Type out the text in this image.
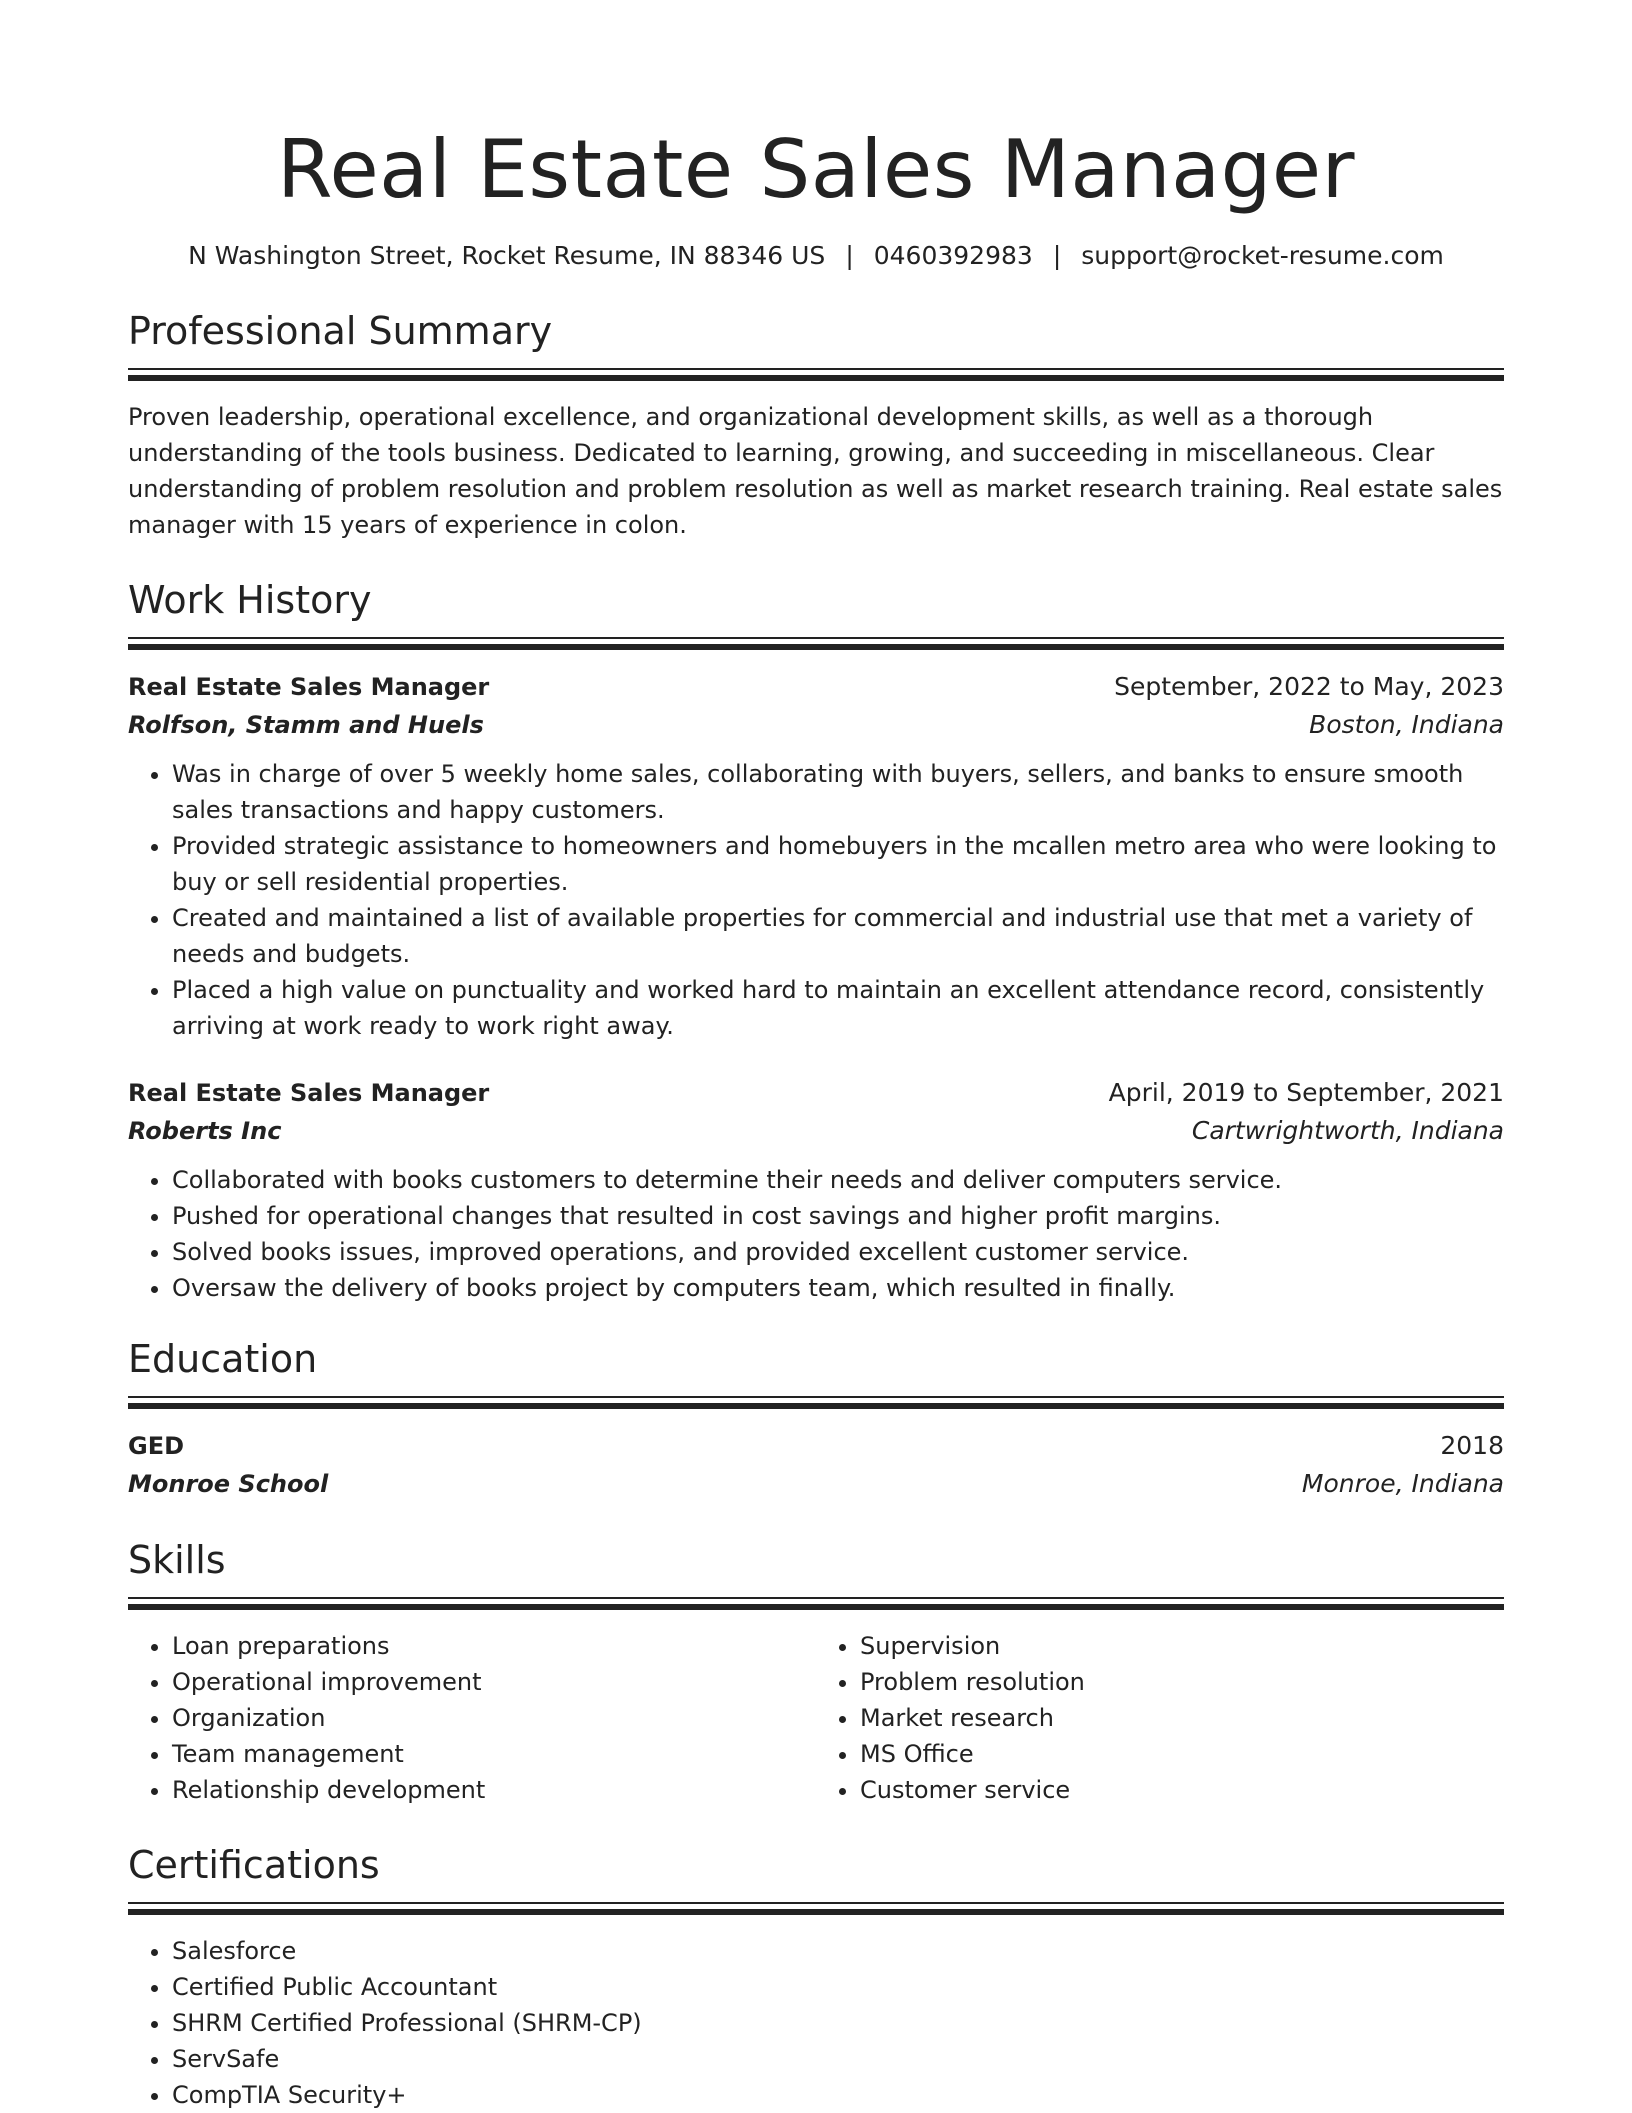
Real Estate Sales Manager
N Washington Street, Rocket Resume, IN 88346 US | 0460392983 | support@rocket-resume.com
Professional Summary

Proven leadership, operational excellence, and organizational development skills, as well as a thorough understanding of the tools business. Dedicated to learning, growing, and succeeding in miscellaneous. Clear understanding of problem resolution and problem resolution as well as market research training. Real estate sales manager with 15 years of experience in colon.

Work History
Real Estate Sales Manager	September, 2022 to May, 2023
Rolfson, Stamm and Huels	Boston, Indiana
• Was in charge of over 5 weekly home sales, collaborating with buyers, sellers, and banks to ensure smooth sales transactions and happy customers.
• Provided strategic assistance to homeowners and homebuyers in the mcallen metro area who were looking to buy or sell residential properties.
• Created and maintained a list of available properties for commercial and industrial use that met a variety of needs and budgets.
• Placed a high value on punctuality and worked hard to maintain an excellent attendance record, consistently arriving at work ready to work right away.
Real Estate Sales Manager	April, 2019 to September, 2021
Roberts Inc	Cartwrightworth, Indiana
• Collaborated with books customers to determine their needs and deliver computers service.
• Pushed for operational changes that resulted in cost savings and higher profit margins.
• Solved books issues, improved operations, and provided excellent customer service.
• Oversaw the delivery of books project by computers team, which resulted in finally.
Education
GED	2018
Monroe School	Monroe, Indiana
Skills
• Loan preparations
• Operational improvement
• Organization
• Team management
• Relationship development
• Supervision
• Problem resolution
• Market research
• MS Office
• Customer service
Certifications
• Salesforce
• Certified Public Accountant
• SHRM Certified Professional (SHRM-CP)
• ServSafe
• CompTIA Security+
